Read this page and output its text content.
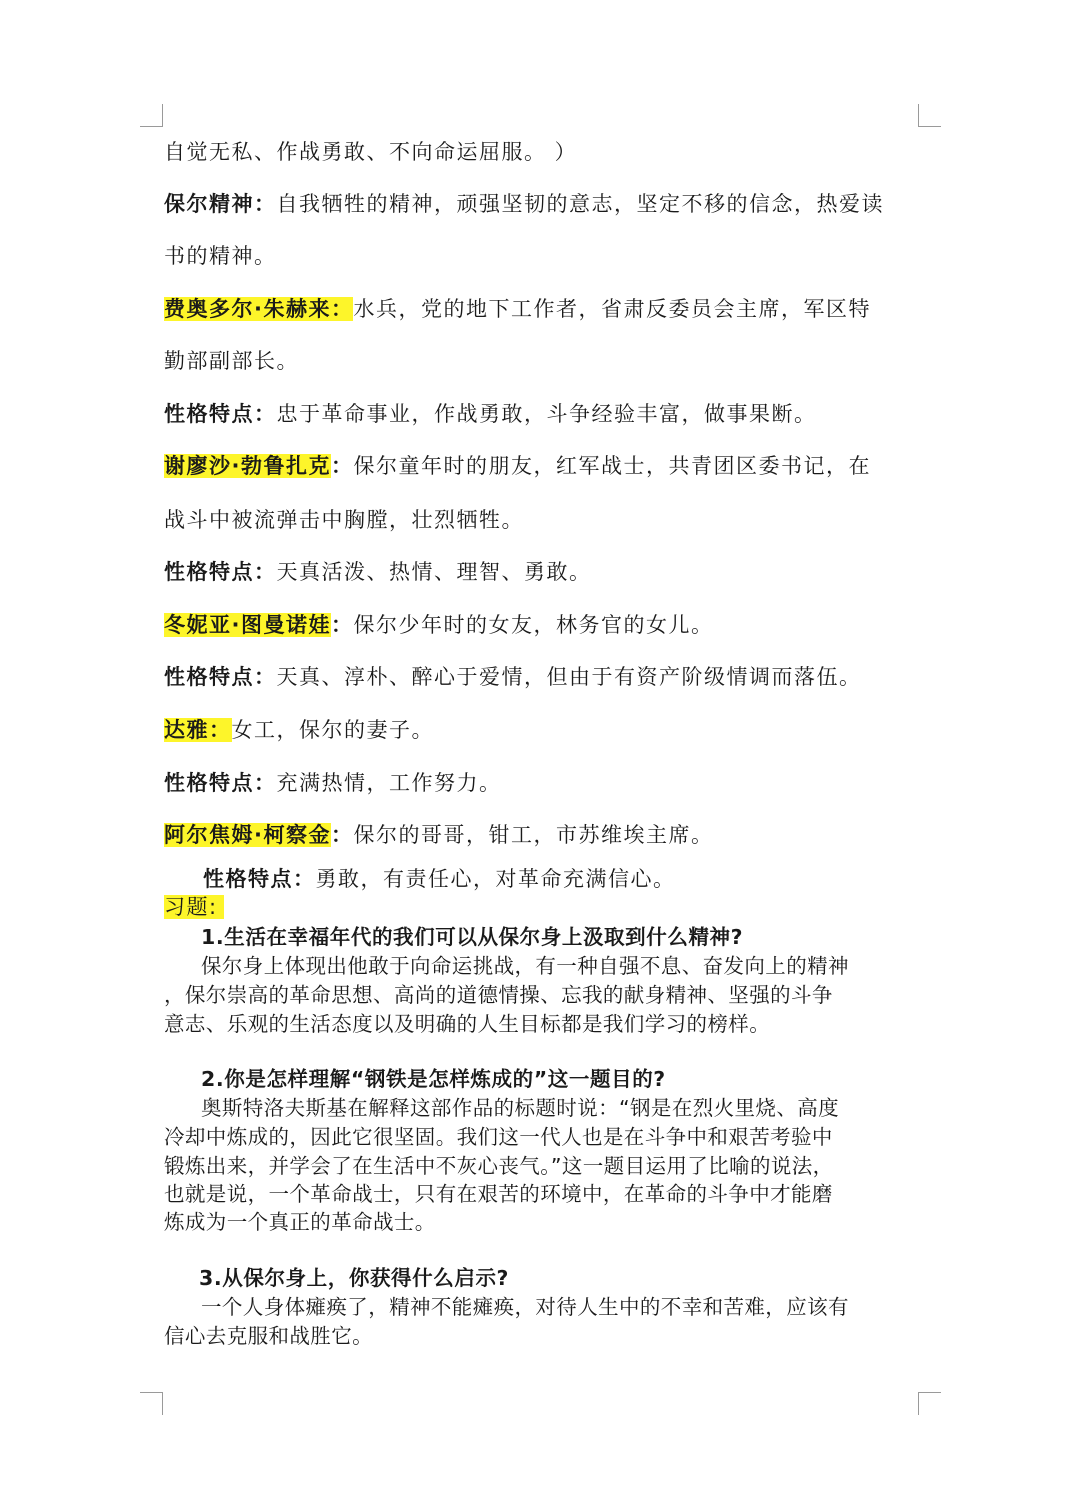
自觉无私、作战勇敢、不向命运屈服。 ）
保尔精神：自我牺牲的精神，顽强坚韧的意志，坚定不移的信念，热爱读
书的精神。
费奥多尔·朱赫来：水兵，党的地下工作者，省肃反委员会主席，军区特
勤部副部长。
性格特点：忠于革命事业，作战勇敢，斗争经验丰富，做事果断。
谢廖沙·勃鲁扎克：保尔童年时的朋友，红军战士，共青团区委书记，在
战斗中被流弹击中胸膛，壮烈牺牲。
性格特点：天真活泼、热情、理智、勇敢。
冬妮亚·图曼诺娃：保尔少年时的女友，林务官的女儿。
性格特点：天真、淳朴、醉心于爱情，但由于有资产阶级情调而落伍。
达雅：女工，保尔的妻子。
性格特点：充满热情，工作努力。
阿尔焦姆·柯察金：保尔的哥哥，钳工，市苏维埃主席。
性格特点：勇敢，有责任心，对革命充满信心。
习题:
1.生活在幸福年代的我们可以从保尔身上汲取到什么精神?
保尔身上体现出他敢于向命运挑战，有一种自强不息、奋发向上的精神
，保尔崇高的革命思想、高尚的道德情操、忘我的献身精神、坚强的斗争
意志、乐观的生活态度以及明确的人生目标都是我们学习的榜样。
2.你是怎样理解“钢铁是怎样炼成的”这一题目的?
奥斯特洛夫斯基在解释这部作品的标题时说：“钢是在烈火里烧、高度
冷却中炼成的，因此它很坚固。我们这一代人也是在斗争中和艰苦考验中
锻炼出来，并学会了在生活中不灰心丧气。”这一题目运用了比喻的说法，
也就是说，一个革命战士，只有在艰苦的环境中，在革命的斗争中才能磨
炼成为一个真正的革命战士。
3.从保尔身上，你获得什么启示?
一个人身体瘫痪了，精神不能瘫痪，对待人生中的不幸和苦难，应该有
信心去克服和战胜它。
